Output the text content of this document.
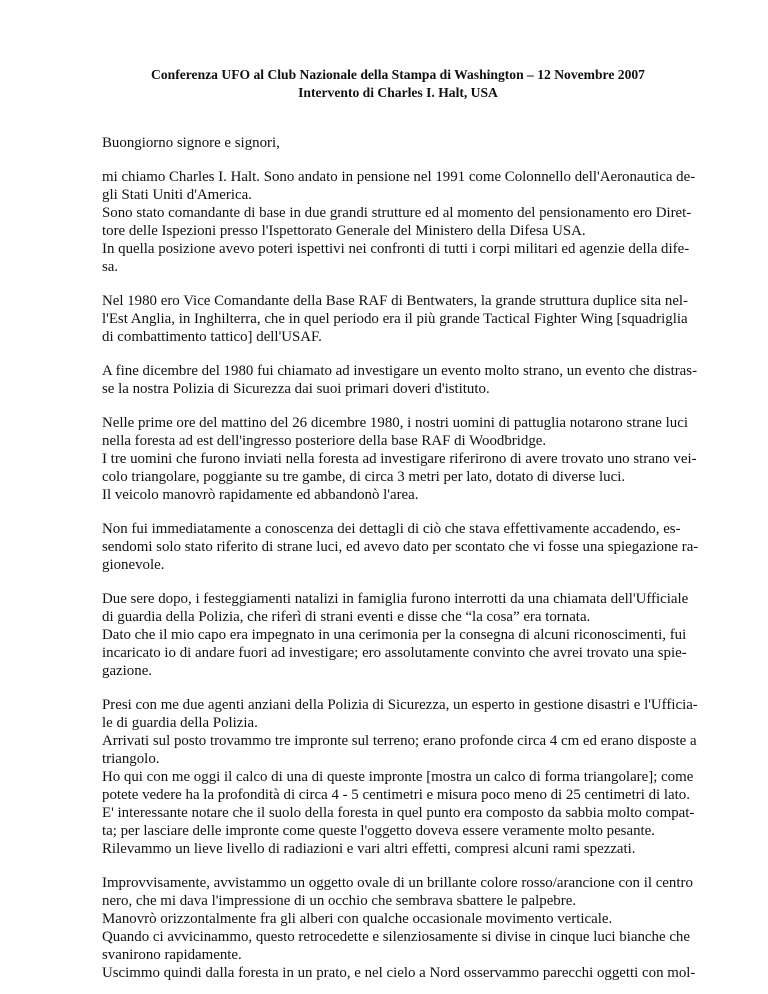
Conferenza UFO al Club Nazionale della Stampa di Washington – 12 Novembre 2007
Intervento di Charles I. Halt, USA

Buongiorno signore e signori,

mi chiamo Charles I. Halt. Sono andato in pensione nel 1991 come Colonnello dell'Aeronautica de-
gli Stati Uniti d'America.
Sono stato comandante di base in due grandi strutture ed al momento del pensionamento ero Diret-
tore delle Ispezioni presso l'Ispettorato Generale del Ministero della Difesa USA.
In quella posizione avevo poteri ispettivi nei confronti di tutti i corpi militari ed agenzie della dife-
sa.

Nel 1980 ero Vice Comandante della Base RAF di Bentwaters, la grande struttura duplice sita nel-
l'Est Anglia, in Inghilterra, che in quel periodo era il più grande Tactical Fighter Wing [squadriglia
di combattimento tattico] dell'USAF.

A fine dicembre del 1980 fui chiamato ad investigare un evento molto strano, un evento che distras-
se la nostra Polizia di Sicurezza dai suoi primari doveri d'istituto.

Nelle prime ore del mattino del 26 dicembre 1980, i nostri uomini di pattuglia notarono strane luci
nella foresta ad est dell'ingresso posteriore della base RAF di Woodbridge.
I tre uomini che furono inviati nella foresta ad investigare riferirono di avere trovato uno strano vei-
colo triangolare, poggiante su tre gambe, di circa 3 metri per lato, dotato di diverse luci.
Il veicolo manovrò rapidamente ed abbandonò l'area.

Non fui immediatamente a conoscenza dei dettagli di ciò che stava effettivamente accadendo, es-
sendomi solo stato riferito di strane luci, ed avevo dato per scontato che vi fosse una spiegazione ra-
gionevole.

Due sere dopo, i festeggiamenti natalizi in famiglia furono interrotti da una chiamata dell'Ufficiale
di guardia della Polizia, che riferì di strani eventi e disse che “la cosa” era tornata.
Dato che il mio capo era impegnato in una cerimonia per la consegna di alcuni riconoscimenti, fui
incaricato io di andare fuori ad investigare; ero assolutamente convinto che avrei trovato una spie-
gazione.

Presi con me due agenti anziani della Polizia di Sicurezza, un esperto in gestione disastri e l'Ufficia-
le di guardia della Polizia.
Arrivati sul posto trovammo tre impronte sul terreno; erano profonde circa 4 cm ed erano disposte a
triangolo.
Ho qui con me oggi il calco di una di queste impronte [mostra un calco di forma triangolare]; come
potete vedere ha la profondità di circa 4 - 5 centimetri e misura poco meno di 25 centimetri di lato.
E' interessante notare che il suolo della foresta in quel punto era composto da sabbia molto compat-
ta; per lasciare delle impronte come queste l'oggetto doveva essere veramente molto pesante.
Rilevammo un lieve livello di radiazioni e vari altri effetti, compresi alcuni rami spezzati.

Improvvisamente, avvistammo un oggetto ovale di un brillante colore rosso/arancione con il centro
nero, che mi dava l'impressione di un occhio che sembrava sbattere le palpebre.
Manovrò orizzontalmente fra gli alberi con qualche occasionale movimento verticale.
Quando ci avvicinammo, questo retrocedette e silenziosamente si divise in cinque luci bianche che
svanirono rapidamente.
Uscimmo quindi dalla foresta in un prato, e nel cielo a Nord osservammo parecchi oggetti con mol-
